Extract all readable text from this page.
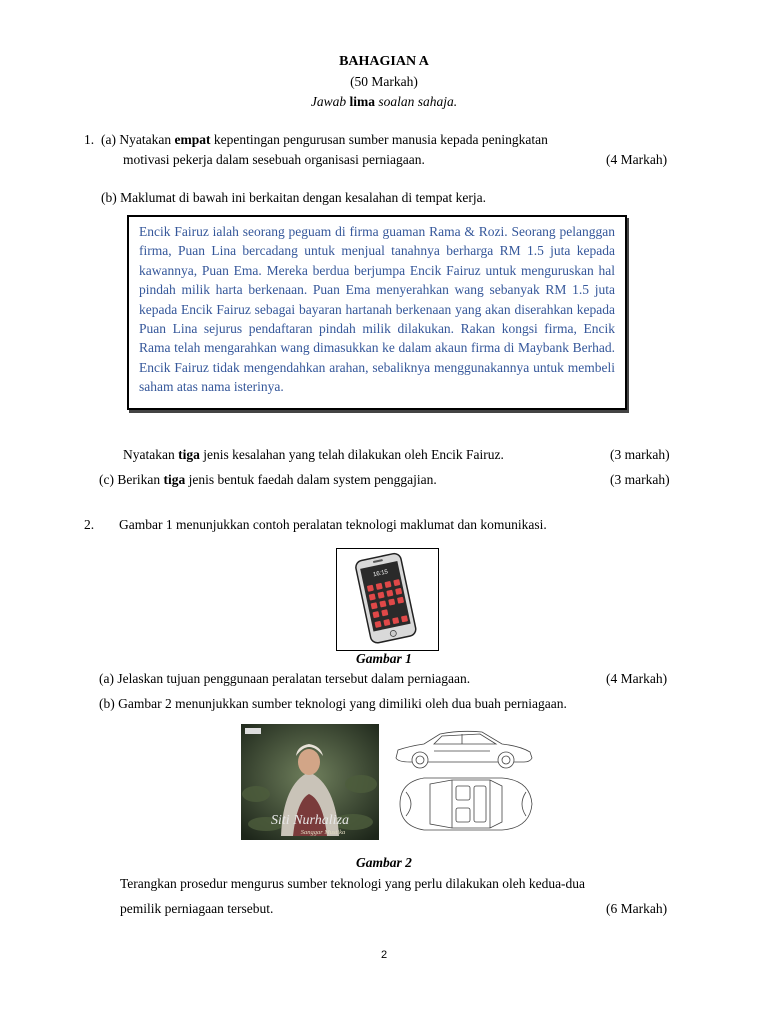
BAHAGIAN A
(50 Markah)
Jawab lima soalan sahaja.
1. (a) Nyatakan empat kepentingan pengurusan sumber manusia kepada peningkatan
motivasi pekerja dalam sesebuah organisasi perniagaan.	(4 Markah)
(b) Maklumat di bawah ini berkaitan dengan kesalahan di tempat kerja.
Encik Fairuz ialah seorang peguam di firma guaman Rama & Rozi. Seorang pelanggan firma, Puan Lina bercadang untuk menjual tanahnya berharga RM 1.5 juta kepada kawannya, Puan Ema. Mereka berdua berjumpa Encik Fairuz untuk menguruskan hal pindah milik harta berkenaan. Puan Ema menyerahkan wang sebanyak RM 1.5 juta kepada Encik Fairuz sebagai bayaran hartanah berkenaan yang akan diserahkan kepada Puan Lina sejurus pendaftaran pindah milik dilakukan. Rakan kongsi firma, Encik Rama telah mengarahkan wang dimasukkan ke dalam akaun firma di Maybank Berhad. Encik Fairuz tidak mengendahkan arahan, sebaliknya menggunakannya untuk membeli saham atas nama isterinya.
Nyatakan tiga jenis kesalahan yang telah dilakukan oleh Encik Fairuz.	(3 markah)
(c) Berikan tiga jenis bentuk faedah dalam system penggajian.	(3 markah)
2. Gambar 1 menunjukkan contoh peralatan teknologi maklumat dan komunikasi.
16:15
Gambar 1
(a) Jelaskan tujuan penggunaan peralatan tersebut dalam perniagaan.	(4 Markah)
(b) Gambar 2 menunjukkan sumber teknologi yang dimiliki oleh dua buah perniagaan.
Siti Nurhaliza
Sanggar Mustika
Gambar 2
Terangkan prosedur mengurus sumber teknologi yang perlu dilakukan oleh kedua-dua
pemilik perniagaan tersebut.	(6 Markah)
2
